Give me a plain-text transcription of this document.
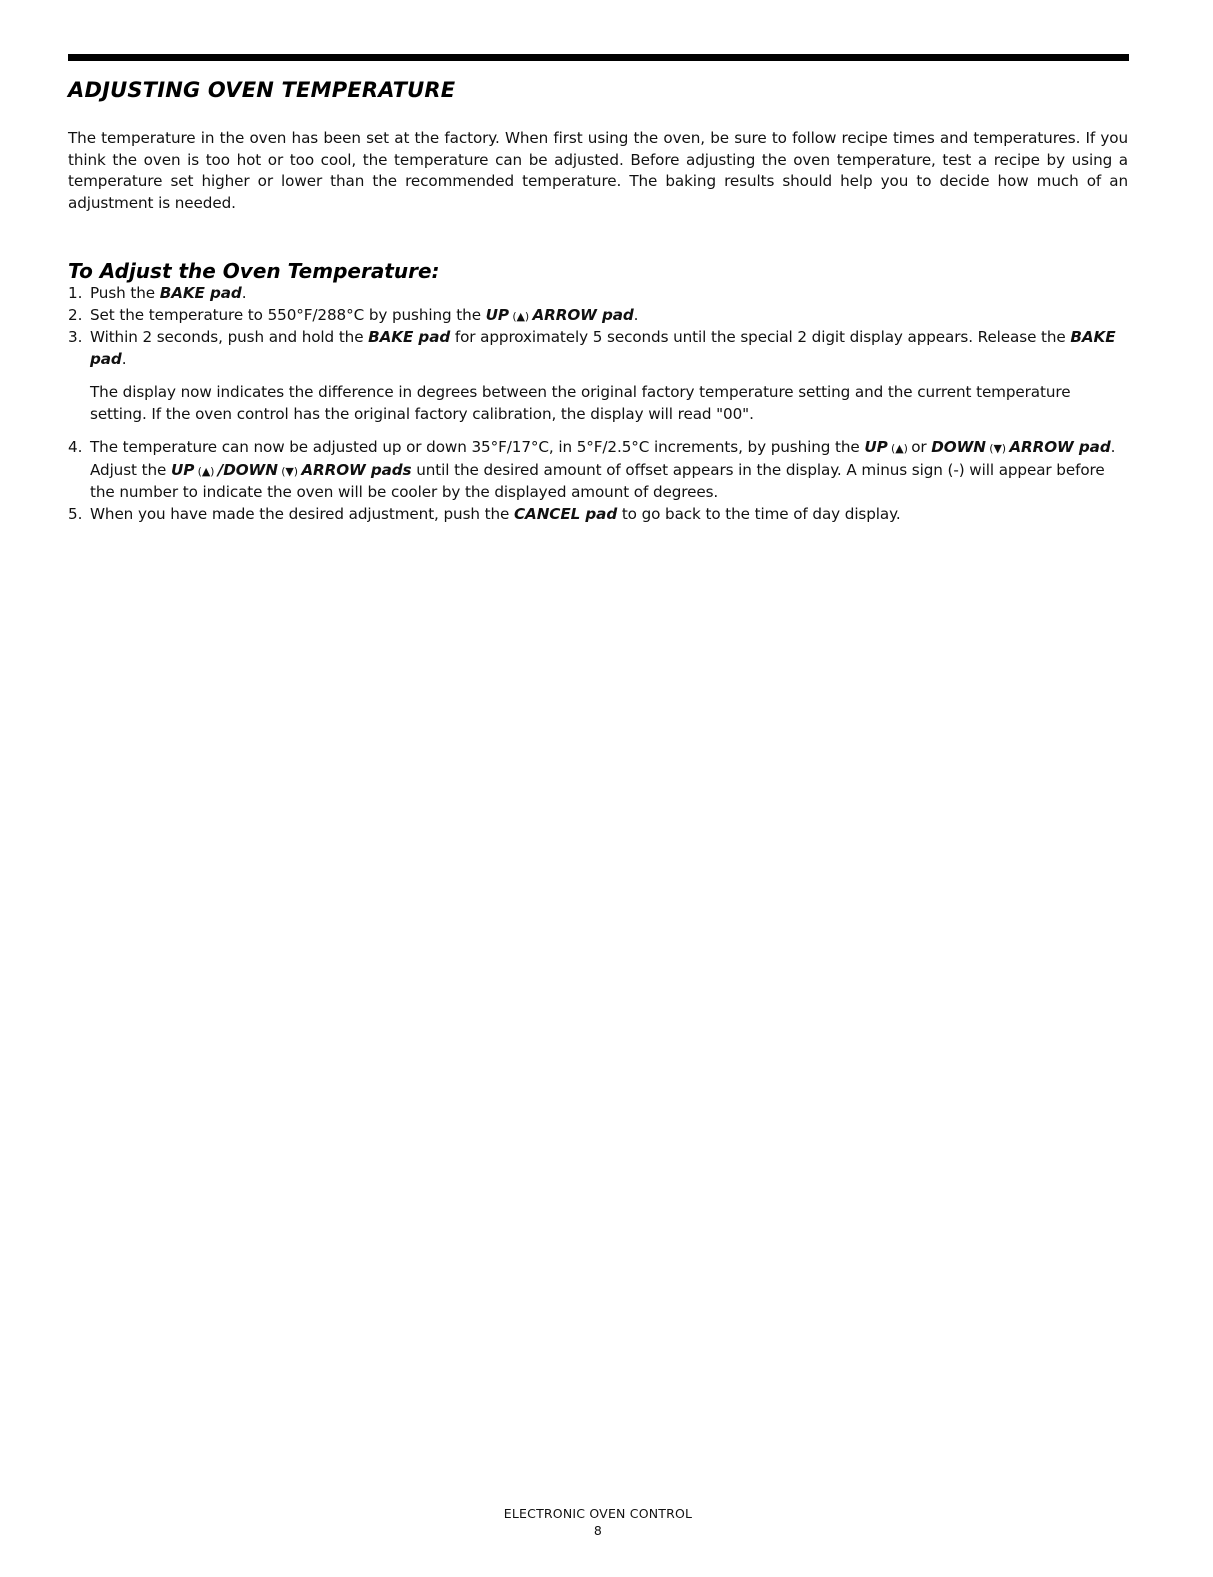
ADJUSTING OVEN TEMPERATURE

The temperature in the oven has been set at the factory. When first using the oven, be sure to follow recipe times and temperatures. If you think the oven is too hot or too cool, the temperature can be adjusted. Before adjusting the oven temperature, test a recipe by using a temperature set higher or lower than the recommended temperature. The baking results should help you to decide how much of an adjustment is needed.

To Adjust the Oven Temperature:
1. Push the BAKE pad.
2. Set the temperature to 550°F/288°C by pushing the UP (▲) ARROW pad.
3. Within 2 seconds, push and hold the BAKE pad for approximately 5 seconds until the special 2 digit display appears. Release the BAKE pad.
The display now indicates the difference in degrees between the original factory temperature setting and the current temperature setting. If the oven control has the original factory calibration, the display will read "00".
4. The temperature can now be adjusted up or down 35°F/17°C, in 5°F/2.5°C increments, by pushing the UP (▲) or DOWN (▼) ARROW pad. Adjust the UP (▲) /DOWN (▼) ARROW pads until the desired amount of offset appears in the display. A minus sign (-) will appear before the number to indicate the oven will be cooler by the displayed amount of degrees.
5. When you have made the desired adjustment, push the CANCEL pad to go back to the time of day display.
ELECTRONIC OVEN CONTROL
8
